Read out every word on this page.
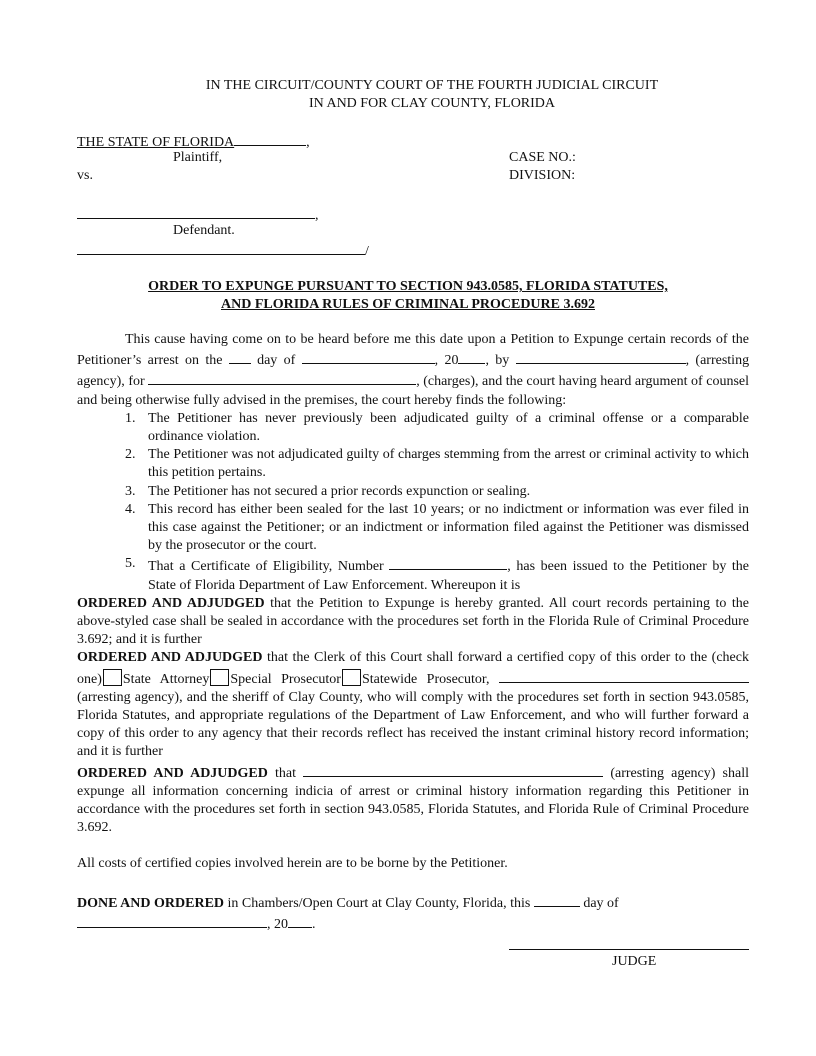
IN THE CIRCUIT/COUNTY COURT OF THE FOURTH JUDICIAL CIRCUIT
IN AND FOR CLAY COUNTY, FLORIDA
THE STATE OF FLORIDA	,
Plaintiff,	CASE NO.:
vs.	DIVISION:
,
Defendant.
/
ORDER TO EXPUNGE PURSUANT TO SECTION 943.0585, FLORIDA STATUTES,
AND FLORIDA RULES OF CRIMINAL PROCEDURE 3.692

This cause having come on to be heard before me this date upon a Petition to Expunge certain records of the Petitioner’s arrest on the day of	, 20 , by	, (arresting agency), for	, (charges), and the court having heard argument of counsel and being otherwise fully advised in the premises, the court hereby finds the following:

1. The Petitioner has never previously been adjudicated guilty of a criminal offense or a comparable ordinance violation.
2. The Petitioner was not adjudicated guilty of charges stemming from the arrest or criminal activity to which this petition pertains.
3. The Petitioner has not secured a prior records expunction or sealing.
4. This record has either been sealed for the last 10 years; or no indictment or information was ever filed in this case against the Petitioner; or an indictment or information filed against the Petitioner was dismissed by the prosecutor or the court.
5. That a Certificate of Eligibility, Number	, has been issued to the Petitioner by the State of Florida Department of Law Enforcement. Whereupon it is

ORDERED AND ADJUDGED that the Petition to Expunge is hereby granted. All court records pertaining to the above-styled case shall be sealed in accordance with the procedures set forth in the Florida Rule of Criminal Procedure 3.692; and it is further

ORDERED AND ADJUDGED that the Clerk of this Court shall forward a certified copy of this order to the (check one) State Attorney Special Prosecutor Statewide Prosecutor,  (arresting agency), and the sheriff of Clay County, who will comply with the procedures set forth in section 943.0585, Florida Statutes, and appropriate regulations of the Department of Law Enforcement, and who will further forward a copy of this order to any agency that their records reflect has received the instant criminal history record information; and it is further

ORDERED AND ADJUDGED that	(arresting agency) shall expunge all information concerning indicia of arrest or criminal history information regarding this Petitioner in accordance with the procedures set forth in section 943.0585, Florida Statutes, and Florida Rule of Criminal Procedure 3.692.

All costs of certified copies involved herein are to be borne by the Petitioner.

DONE AND ORDERED in Chambers/Open Court at Clay County, Florida, this	day of
, 20 .

JUDGE
